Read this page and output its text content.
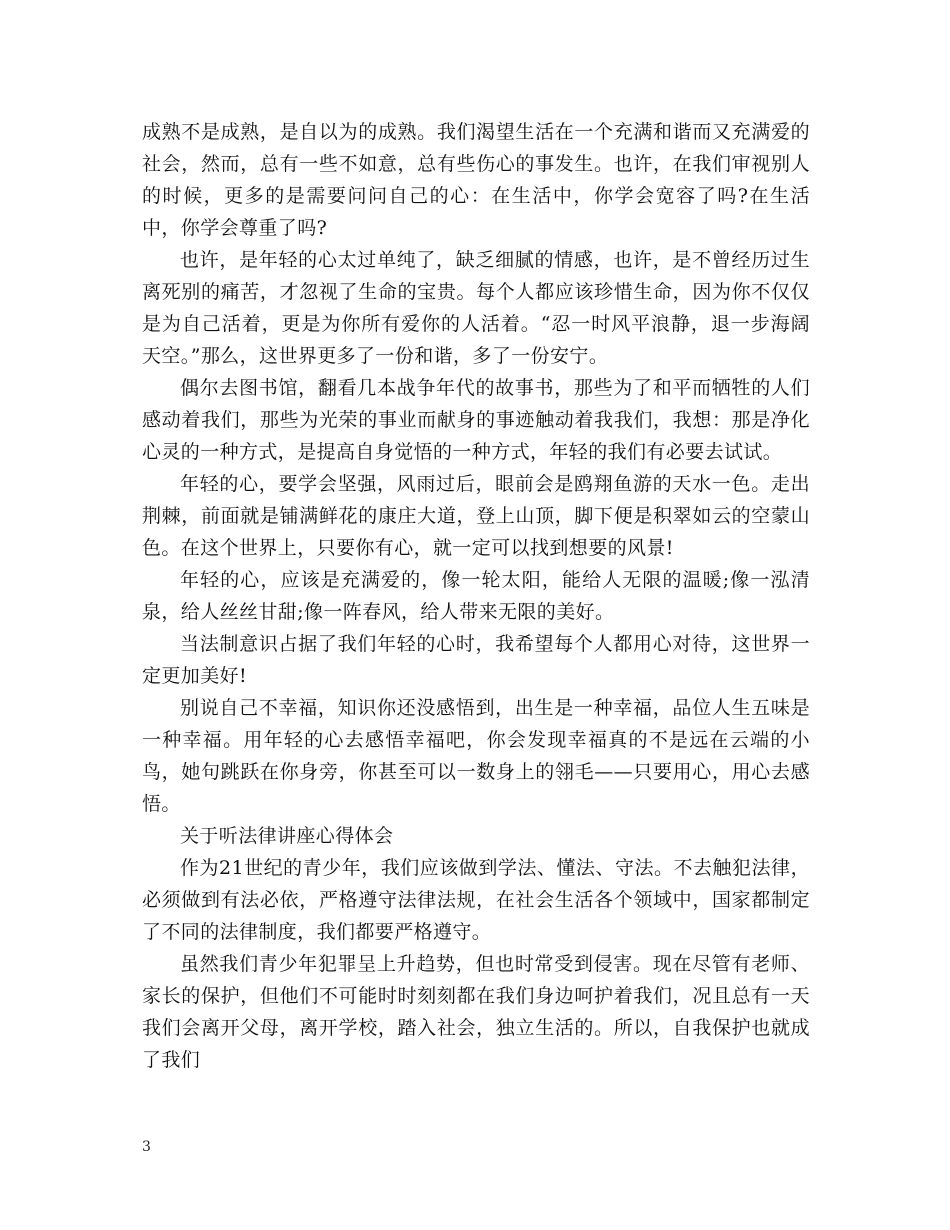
成熟不是成熟，是自以为的成熟。我们渴望生活在一个充满和谐而又充满爱的社会，然而，总有一些不如意，总有些伤心的事发生。也许，在我们审视别人的时候，更多的是需要问问自己的心：在生活中，你学会宽容了吗?在生活中，你学会尊重了吗?

也许，是年轻的心太过单纯了，缺乏细腻的情感，也许，是不曾经历过生离死别的痛苦，才忽视了生命的宝贵。每个人都应该珍惜生命，因为你不仅仅是为自己活着，更是为你所有爱你的人活着。“忍一时风平浪静，退一步海阔天空。”那么，这世界更多了一份和谐，多了一份安宁。

偶尔去图书馆，翻看几本战争年代的故事书，那些为了和平而牺牲的人们感动着我们，那些为光荣的事业而献身的事迹触动着我我们，我想：那是净化心灵的一种方式，是提高自身觉悟的一种方式，年轻的我们有必要去试试。

年轻的心，要学会坚强，风雨过后，眼前会是鸥翔鱼游的天水一色。走出荆棘，前面就是铺满鲜花的康庄大道，登上山顶，脚下便是积翠如云的空蒙山色。在这个世界上，只要你有心，就一定可以找到想要的风景!

年轻的心，应该是充满爱的，像一轮太阳，能给人无限的温暖;像一泓清泉，给人丝丝甘甜;像一阵春风，给人带来无限的美好。

当法制意识占据了我们年轻的心时，我希望每个人都用心对待，这世界一定更加美好!

别说自己不幸福，知识你还没感悟到，出生是一种幸福，品位人生五味是一种幸福。用年轻的心去感悟幸福吧，你会发现幸福真的不是远在云端的小鸟，她句跳跃在你身旁，你甚至可以一数身上的翎毛——只要用心，用心去感悟。

关于听法律讲座心得体会

作为21世纪的青少年，我们应该做到学法、懂法、守法。不去触犯法律，必须做到有法必依，严格遵守法律法规，在社会生活各个领域中，国家都制定了不同的法律制度，我们都要严格遵守。

虽然我们青少年犯罪呈上升趋势，但也时常受到侵害。现在尽管有老师、家长的保护，但他们不可能时时刻刻都在我们身边呵护着我们，况且总有一天我们会离开父母，离开学校，踏入社会，独立生活的。所以，自我保护也就成了我们

3
